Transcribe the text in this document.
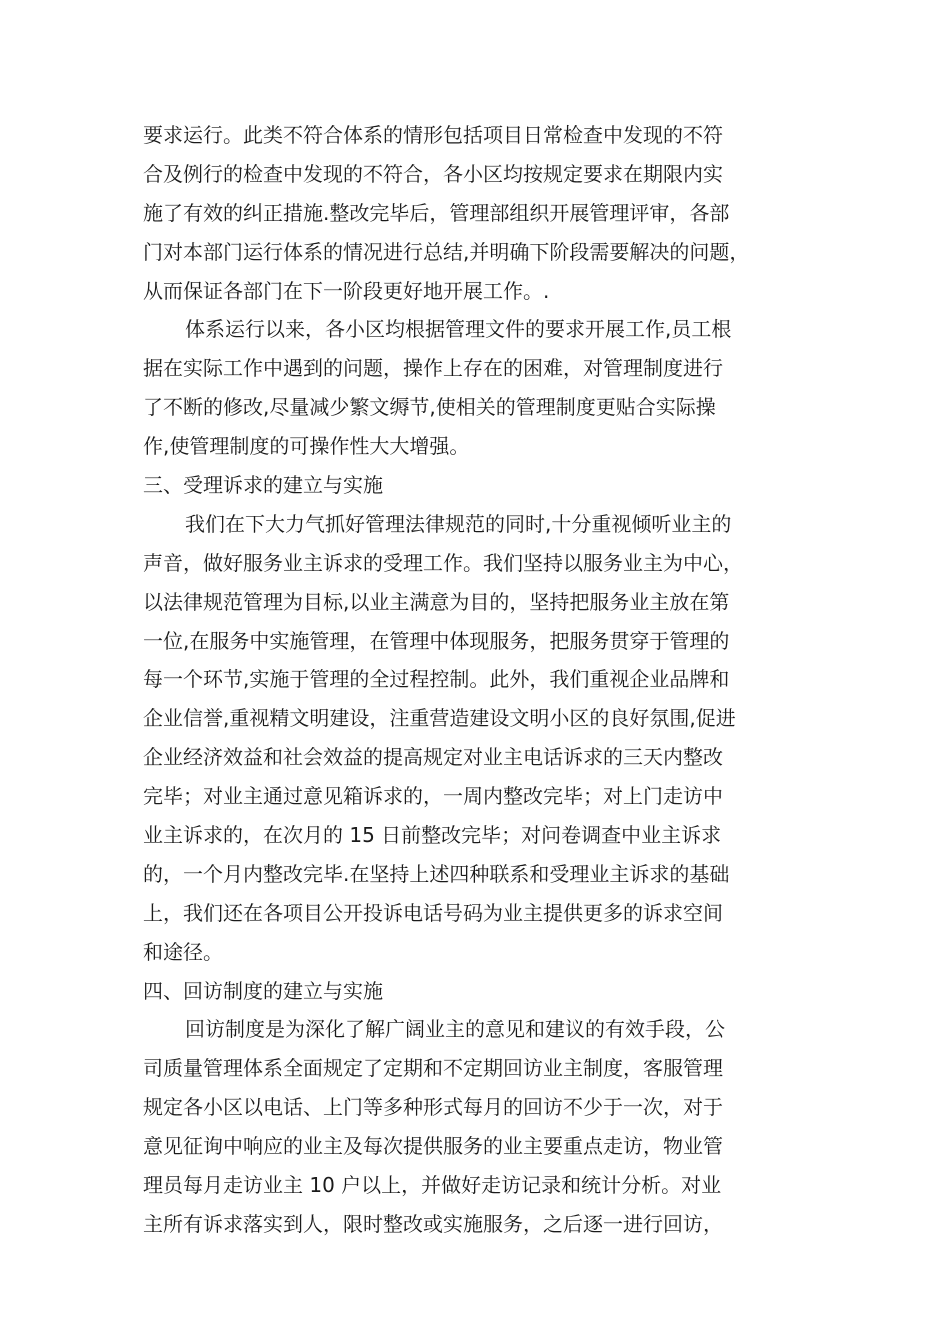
要求运行。此类不符合体系的情形包括项目日常检查中发现的不符
合及例行的检查中发现的不符合，各小区均按规定要求在期限内实
施了有效的纠正措施.整改完毕后，管理部组织开展管理评审，各部
门对本部门运行体系的情况进行总结,并明确下阶段需要解决的问题，
从而保证各部门在下一阶段更好地开展工作。.
体系运行以来，各小区均根据管理文件的要求开展工作,员工根
据在实际工作中遇到的问题，操作上存在的困难，对管理制度进行
了不断的修改,尽量减少繁文缛节,使相关的管理制度更贴合实际操
作,使管理制度的可操作性大大增强。
三、受理诉求的建立与实施
我们在下大力气抓好管理法律规范的同时,十分重视倾听业主的
声音，做好服务业主诉求的受理工作。我们坚持以服务业主为中心，
以法律规范管理为目标,以业主满意为目的，坚持把服务业主放在第
一位,在服务中实施管理，在管理中体现服务，把服务贯穿于管理的
每一个环节,实施于管理的全过程控制。此外，我们重视企业品牌和
企业信誉,重视精文明建设，注重营造建设文明小区的良好氛围,促进
企业经济效益和社会效益的提高规定对业主电话诉求的三天内整改
完毕；对业主通过意见箱诉求的，一周内整改完毕；对上门走访中
业主诉求的，在次月的 15 日前整改完毕；对问卷调查中业主诉求
的，一个月内整改完毕.在坚持上述四种联系和受理业主诉求的基础
上，我们还在各项目公开投诉电话号码为业主提供更多的诉求空间
和途径。
四、回访制度的建立与实施
回访制度是为深化了解广阔业主的意见和建议的有效手段，公
司质量管理体系全面规定了定期和不定期回访业主制度，客服管理
规定各小区以电话、上门等多种形式每月的回访不少于一次，对于
意见征询中响应的业主及每次提供服务的业主要重点走访，物业管
理员每月走访业主 10 户以上，并做好走访记录和统计分析。对业
主所有诉求落实到人，限时整改或实施服务，之后逐一进行回访，
